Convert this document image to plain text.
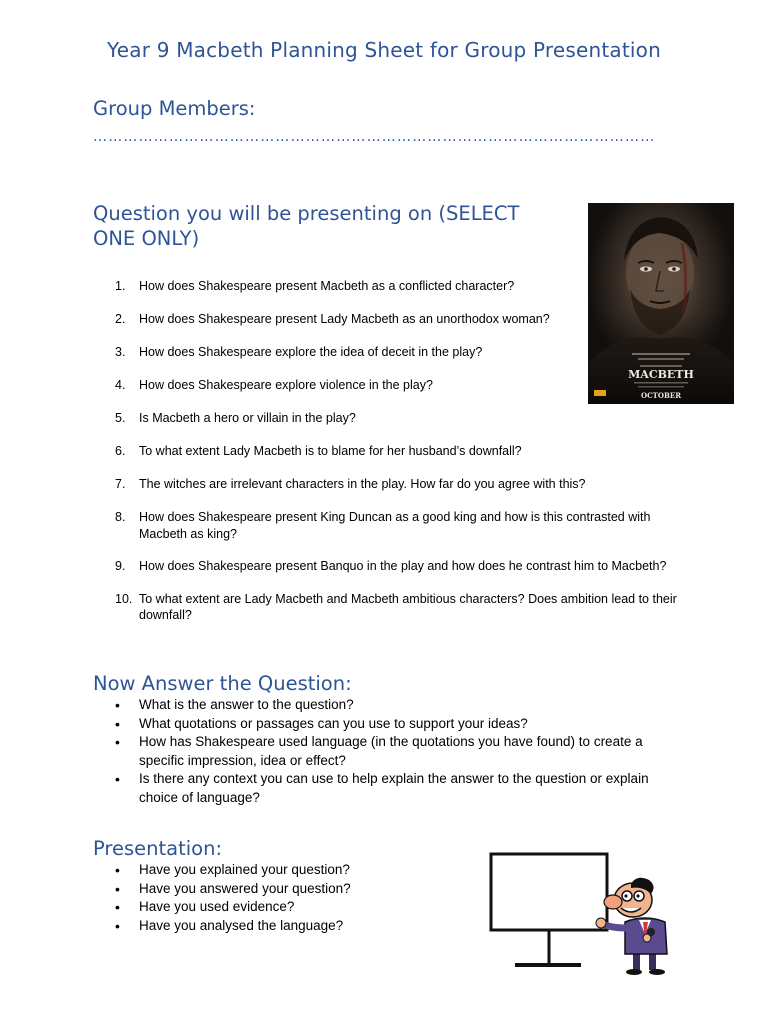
Year 9 Macbeth Planning Sheet for Group Presentation
Group Members:
…………………………………………………………………………………………………
Question you will be presenting on (SELECT ONE ONLY)
1.	How does Shakespeare present Macbeth as a conflicted character?
2.	How does Shakespeare present Lady Macbeth as an unorthodox woman?
3.	How does Shakespeare explore the idea of deceit in the play?
4.	How does Shakespeare explore violence in the play?
5.	Is Macbeth a hero or villain in the play?
6.	To what extent Lady Macbeth is to blame for her husband’s downfall?
7.	The witches are irrelevant characters in the play. How far do you agree with this?
8.	How does Shakespeare present King Duncan as a good king and how is this contrasted with Macbeth as king?
9.	How does Shakespeare present Banquo in the play and how does he contrast him to Macbeth?
10. To what extent are Lady Macbeth and Macbeth ambitious characters? Does ambition lead to their downfall?
MACBETH
OCTOBER
Now Answer the Question:
• What is the answer to the question?
• What quotations or passages can you use to support your ideas?
• How has Shakespeare used language (in the quotations you have found) to create a specific impression, idea or effect?
• Is there any context you can use to help explain the answer to the question or explain choice of language?
Presentation:
• Have you explained your question?
• Have you answered your question?
• Have you used evidence?
• Have you analysed the language?
